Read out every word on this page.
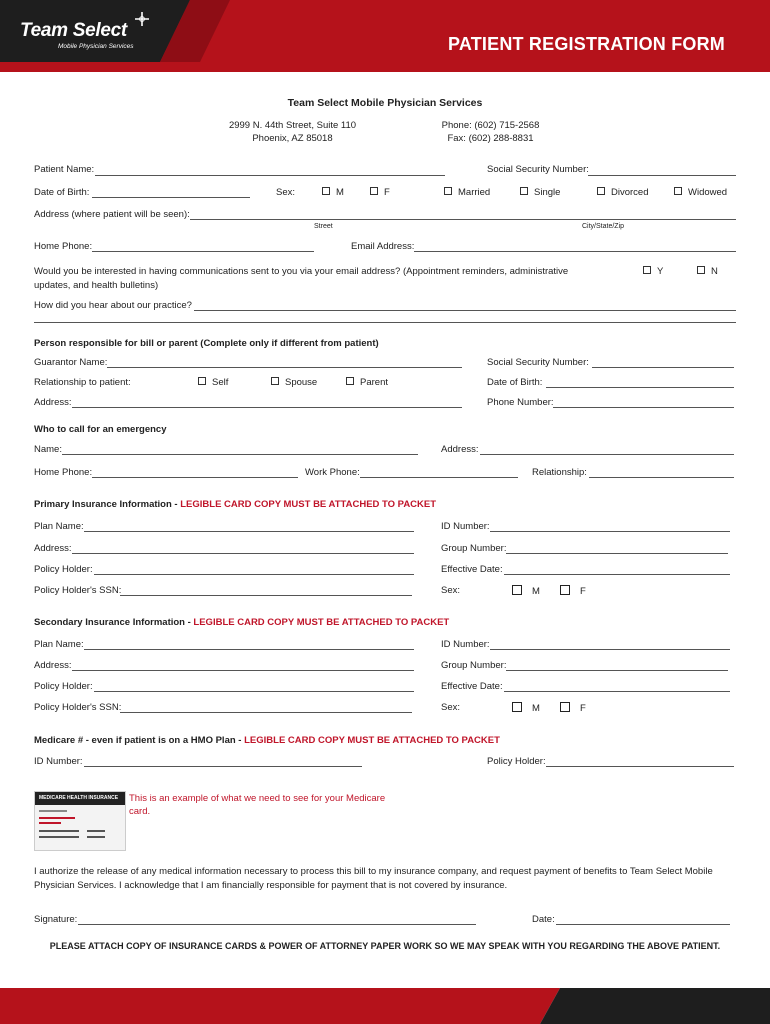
Team Select
Mobile Physician Services	PATIENT REGISTRATION FORM
Team Select Mobile Physician Services
2999 N. 44th Street, Suite 110
Phoenix, AZ 85018
Phone: (602) 715-2568
Fax: (602) 288-8831
Patient Name:	Social Security Number:
Date of Birth:	Sex:	M	F	Married	Single	Divorced	Widowed
Address (where patient will be seen):
Street	City/State/Zip
Home Phone:	Email Address:
Would you be interested in having communications sent to you via your email address? (Appointment reminders, administrative
updates, and health bulletins)
Y	N
How did you hear about our practice?
Person responsible for bill or parent (Complete only if different from patient)
Guarantor Name:	Social Security Number:
Relationship to patient:	Self	Spouse	Parent	Date of Birth:
Address:	Phone Number:
Who to call for an emergency
Name:	Address:
Home Phone:	Work Phone:	Relationship:
Primary Insurance Information - LEGIBLE CARD COPY MUST BE ATTACHED TO PACKET
Plan Name:	ID Number:
Address:	Group Number:
Policy Holder:	Effective Date:
Policy Holder's SSN:	Sex:	M	F
Secondary Insurance Information - LEGIBLE CARD COPY MUST BE ATTACHED TO PACKET
Plan Name:	ID Number:
Address:	Group Number:
Policy Holder:	Effective Date:
Policy Holder's SSN:	Sex:	M	F
Medicare # - even if patient is on a HMO Plan - LEGIBLE CARD COPY MUST BE ATTACHED TO PACKET
ID Number:	Policy Holder:
MEDICARE HEALTH INSURANCE This is an example of what we need to see for your Medicare
card.
I authorize the release of any medical information necessary to process this bill to my insurance company, and request payment of benefits to Team Select Mobile
Physician Services. I acknowledge that I am financially responsible for payment that is not covered by insurance.
Signature:	Date:
PLEASE ATTACH COPY OF INSURANCE CARDS & POWER OF ATTORNEY PAPER WORK SO WE MAY SPEAK WITH YOU REGARDING THE ABOVE PATIENT.
